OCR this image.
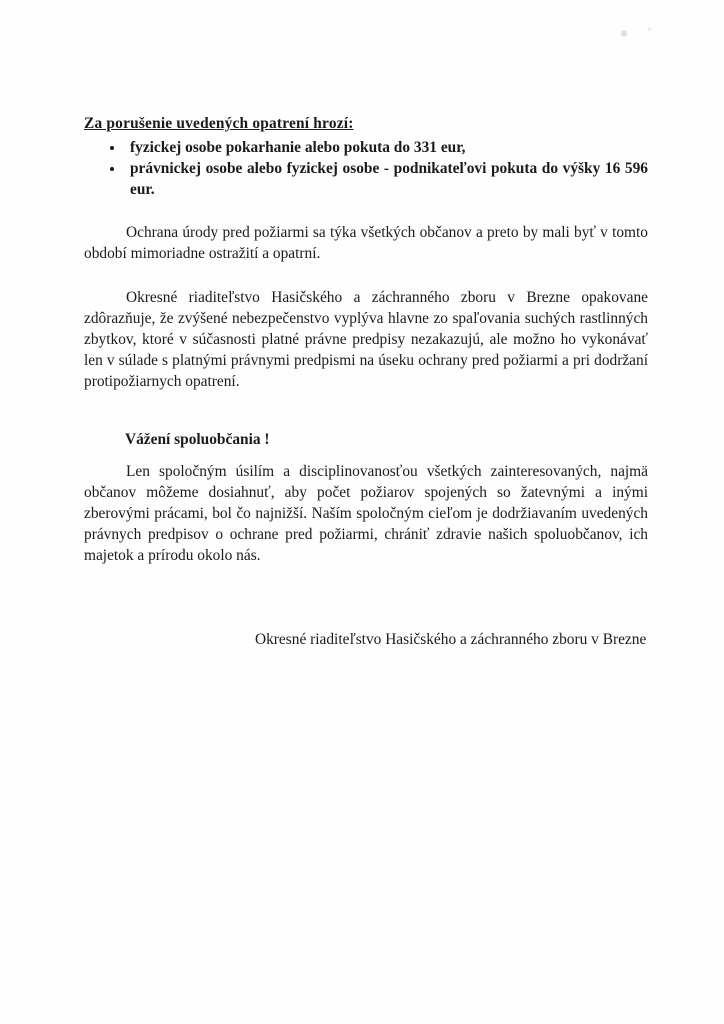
Za porušenie uvedených opatrení hrozí:
• fyzickej osobe pokarhanie alebo pokuta do 331 eur,
• právnickej osobe alebo fyzickej osobe - podnikateľovi pokuta do výšky 16 596 eur.

Ochrana úrody pred požiarmi sa týka všetkých občanov a preto by mali byť v tomto období mimoriadne ostražití a opatrní.

Okresné riaditeľstvo Hasičského a záchranného zboru v Brezne opakovane zdôrazňuje, že zvýšené nebezpečenstvo vyplýva hlavne zo spaľovania suchých rastlinných zbytkov, ktoré v súčasnosti platné právne predpisy nezakazujú, ale možno ho vykonávať len v súlade s platnými právnymi predpismi na úseku ochrany pred požiarmi a pri dodržaní protipožiarnych opatrení.

Vážení spoluobčania !

Len spoločným úsilím a disciplinovanosťou všetkých zainteresovaných, najmä občanov môžeme dosiahnuť, aby počet požiarov spojených so žatevnými a inými zberovými prácami, bol čo najnižší. Naším spoločným cieľom je dodržiavaním uvedených právnych predpisov o ochrane pred požiarmi, chrániť zdravie našich spoluobčanov, ich majetok a prírodu okolo nás.

Okresné riaditeľstvo Hasičského a záchranného zboru v Brezne
